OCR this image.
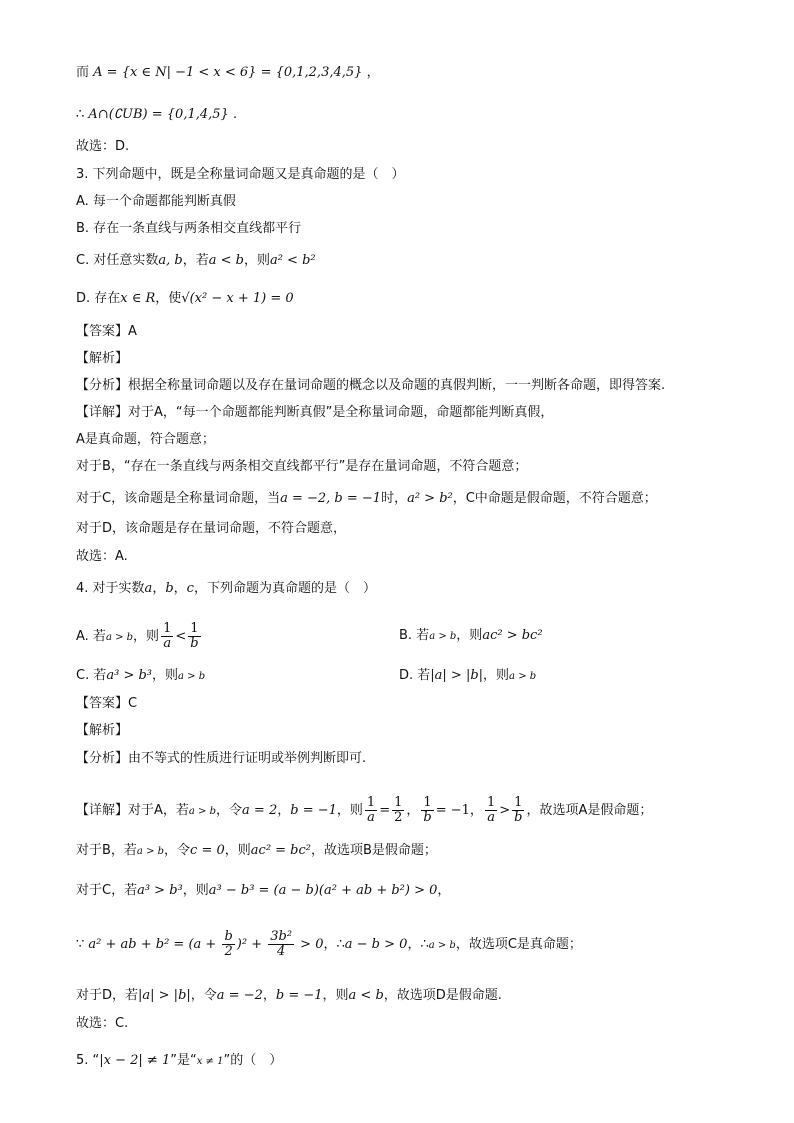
而 A = {x ∈ N| −1 < x < 6} = {0,1,2,3,4,5} ，
∴ A∩(∁UB) = {0,1,4,5} .
故选：D.
3. 下列命题中，既是全称量词命题又是真命题的是（　）
A. 每一个命题都能判断真假
B. 存在一条直线与两条相交直线都平行
C. 对任意实数a, b，若a < b，则a² < b²
D. 存在x ∈ R，使√(x² − x + 1) = 0
【答案】A
【解析】
【分析】根据全称量词命题以及存在量词命题的概念以及命题的真假判断，一一判断各命题，即得答案.
【详解】对于A，“每一个命题都能判断真假”是全称量词命题，命题都能判断真假，
A是真命题，符合题意；
对于B，“存在一条直线与两条相交直线都平行”是存在量词命题，不符合题意；
对于C，该命题是全称量词命题，当a = −2, b = −1时，a² > b²，C中命题是假命题，不符合题意；
对于D，该命题是存在量词命题，不符合题意，
故选：A.
4. 对于实数a，b，c，下列命题为真命题的是（　）
A. 若a > b，则 $\frac{1}{a} < \frac{1}{b}$	B. 若a > b，则ac² > bc²
C. 若a³ > b³，则a > b	D. 若|a| > |b|，则a > b
【答案】C
【解析】
【分析】由不等式的性质进行证明或举例判断即可.
【详解】对于A，若a > b，令a = 2，b = −1，则 $\frac{1}{a} = \frac{1}{2}$ ， $\frac{1}{b} = -1$， $\frac{1}{a} > \frac{1}{b}$ ，故选项A是假命题；
对于B，若a > b，令c = 0，则ac² = bc²，故选项B是假命题；
对于C，若a³ > b³，则a³ − b³ = (a − b)(a² + ab + b²) > 0，
∵ a² + ab + $b^2 = (a + \frac{b}{2} )^2 + \frac{\text{3b²}}{4} > 0$，∴a − b > 0，∴a > b，故选项C是真命题；
对于D，若|a| > |b|，令a = −2，b = −1，则a < b，故选项D是假命题.
故选：C.
5. “|x − 2| ≠ 1”是“x ≠ 1”的（　）
